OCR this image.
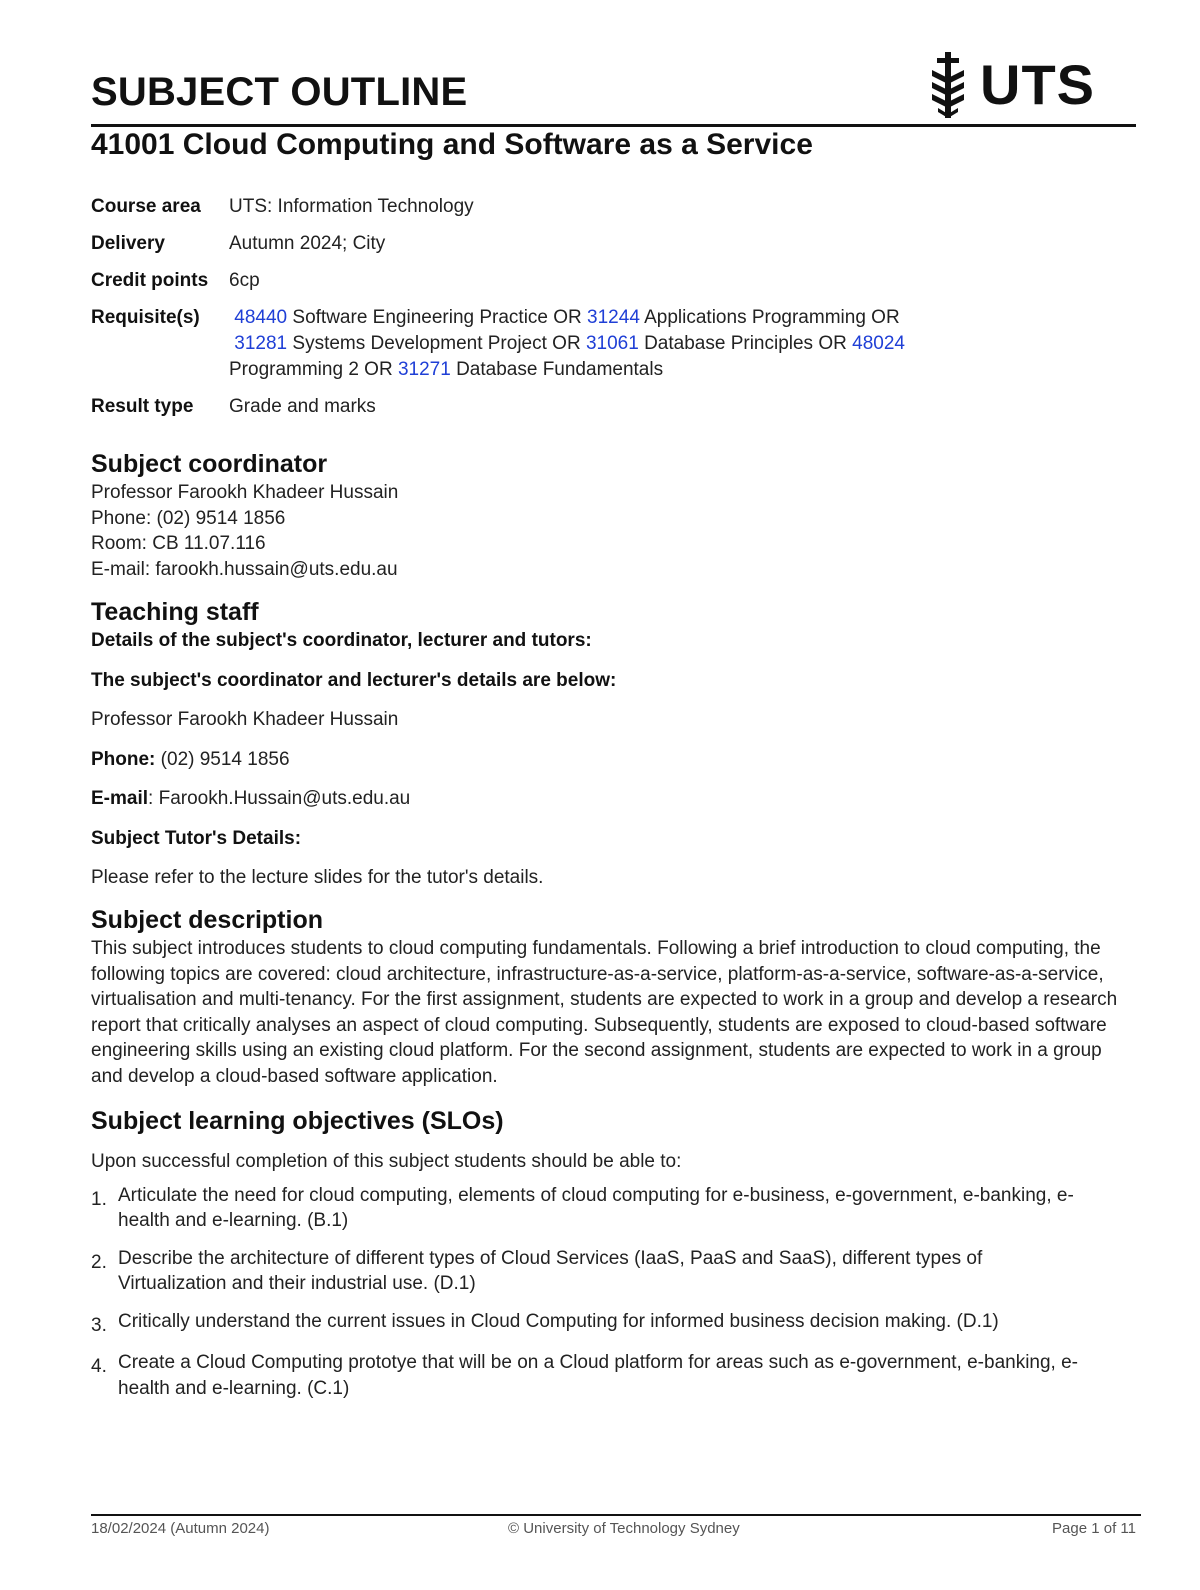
SUBJECT OUTLINE	UTS
41001 Cloud Computing and Software as a Service
Course area	UTS: Information Technology
Delivery	Autumn 2024; City
Credit points	6cp
Requisite(s)	48440 Software Engineering Practice OR 31244 Applications Programming OR
31281 Systems Development Project OR 31061 Database Principles OR 48024 Programming 2 OR 31271 Database Fundamentals
Result type	Grade and marks
Subject coordinator

Professor Farookh Khadeer Hussain

Phone: (02) 9514 1856

Room: CB 11.07.116

E-mail: farookh.hussain@uts.edu.au

Teaching staff

Details of the subject's coordinator, lecturer and tutors:

The subject's coordinator and lecturer's details are below:

Professor Farookh Khadeer Hussain

Phone: (02) 9514 1856

E-mail: Farookh.Hussain@uts.edu.au

Subject Tutor's Details:

Please refer to the lecture slides for the tutor's details.

Subject description

This subject introduces students to cloud computing fundamentals. Following a brief introduction to cloud computing, the following topics are covered: cloud architecture, infrastructure-as-a-service, platform-as-a-service, software-as-a-service, virtualisation and multi-tenancy. For the first assignment, students are expected to work in a group and develop a research report that critically analyses an aspect of cloud computing. Subsequently, students are exposed to cloud-based software engineering skills using an existing cloud platform. For the second assignment, students are expected to work in a group and develop a cloud-based software application.

Subject learning objectives (SLOs)

Upon successful completion of this subject students should be able to:

1. Articulate the need for cloud computing, elements of cloud computing for e-business, e-government, e-banking, e-health and e-learning. (B.1)
2. Describe the architecture of different types of Cloud Services (IaaS, PaaS and SaaS), different types of Virtualization and their industrial use. (D.1)
3. Critically understand the current issues in Cloud Computing for informed business decision making. (D.1)
4. Create a Cloud Computing prototye that will be on a Cloud platform for areas such as e-government, e-banking, e-health and e-learning. (C.1)
18/02/2024 (Autumn 2024)	© University of Technology Sydney	Page 1 of 11
